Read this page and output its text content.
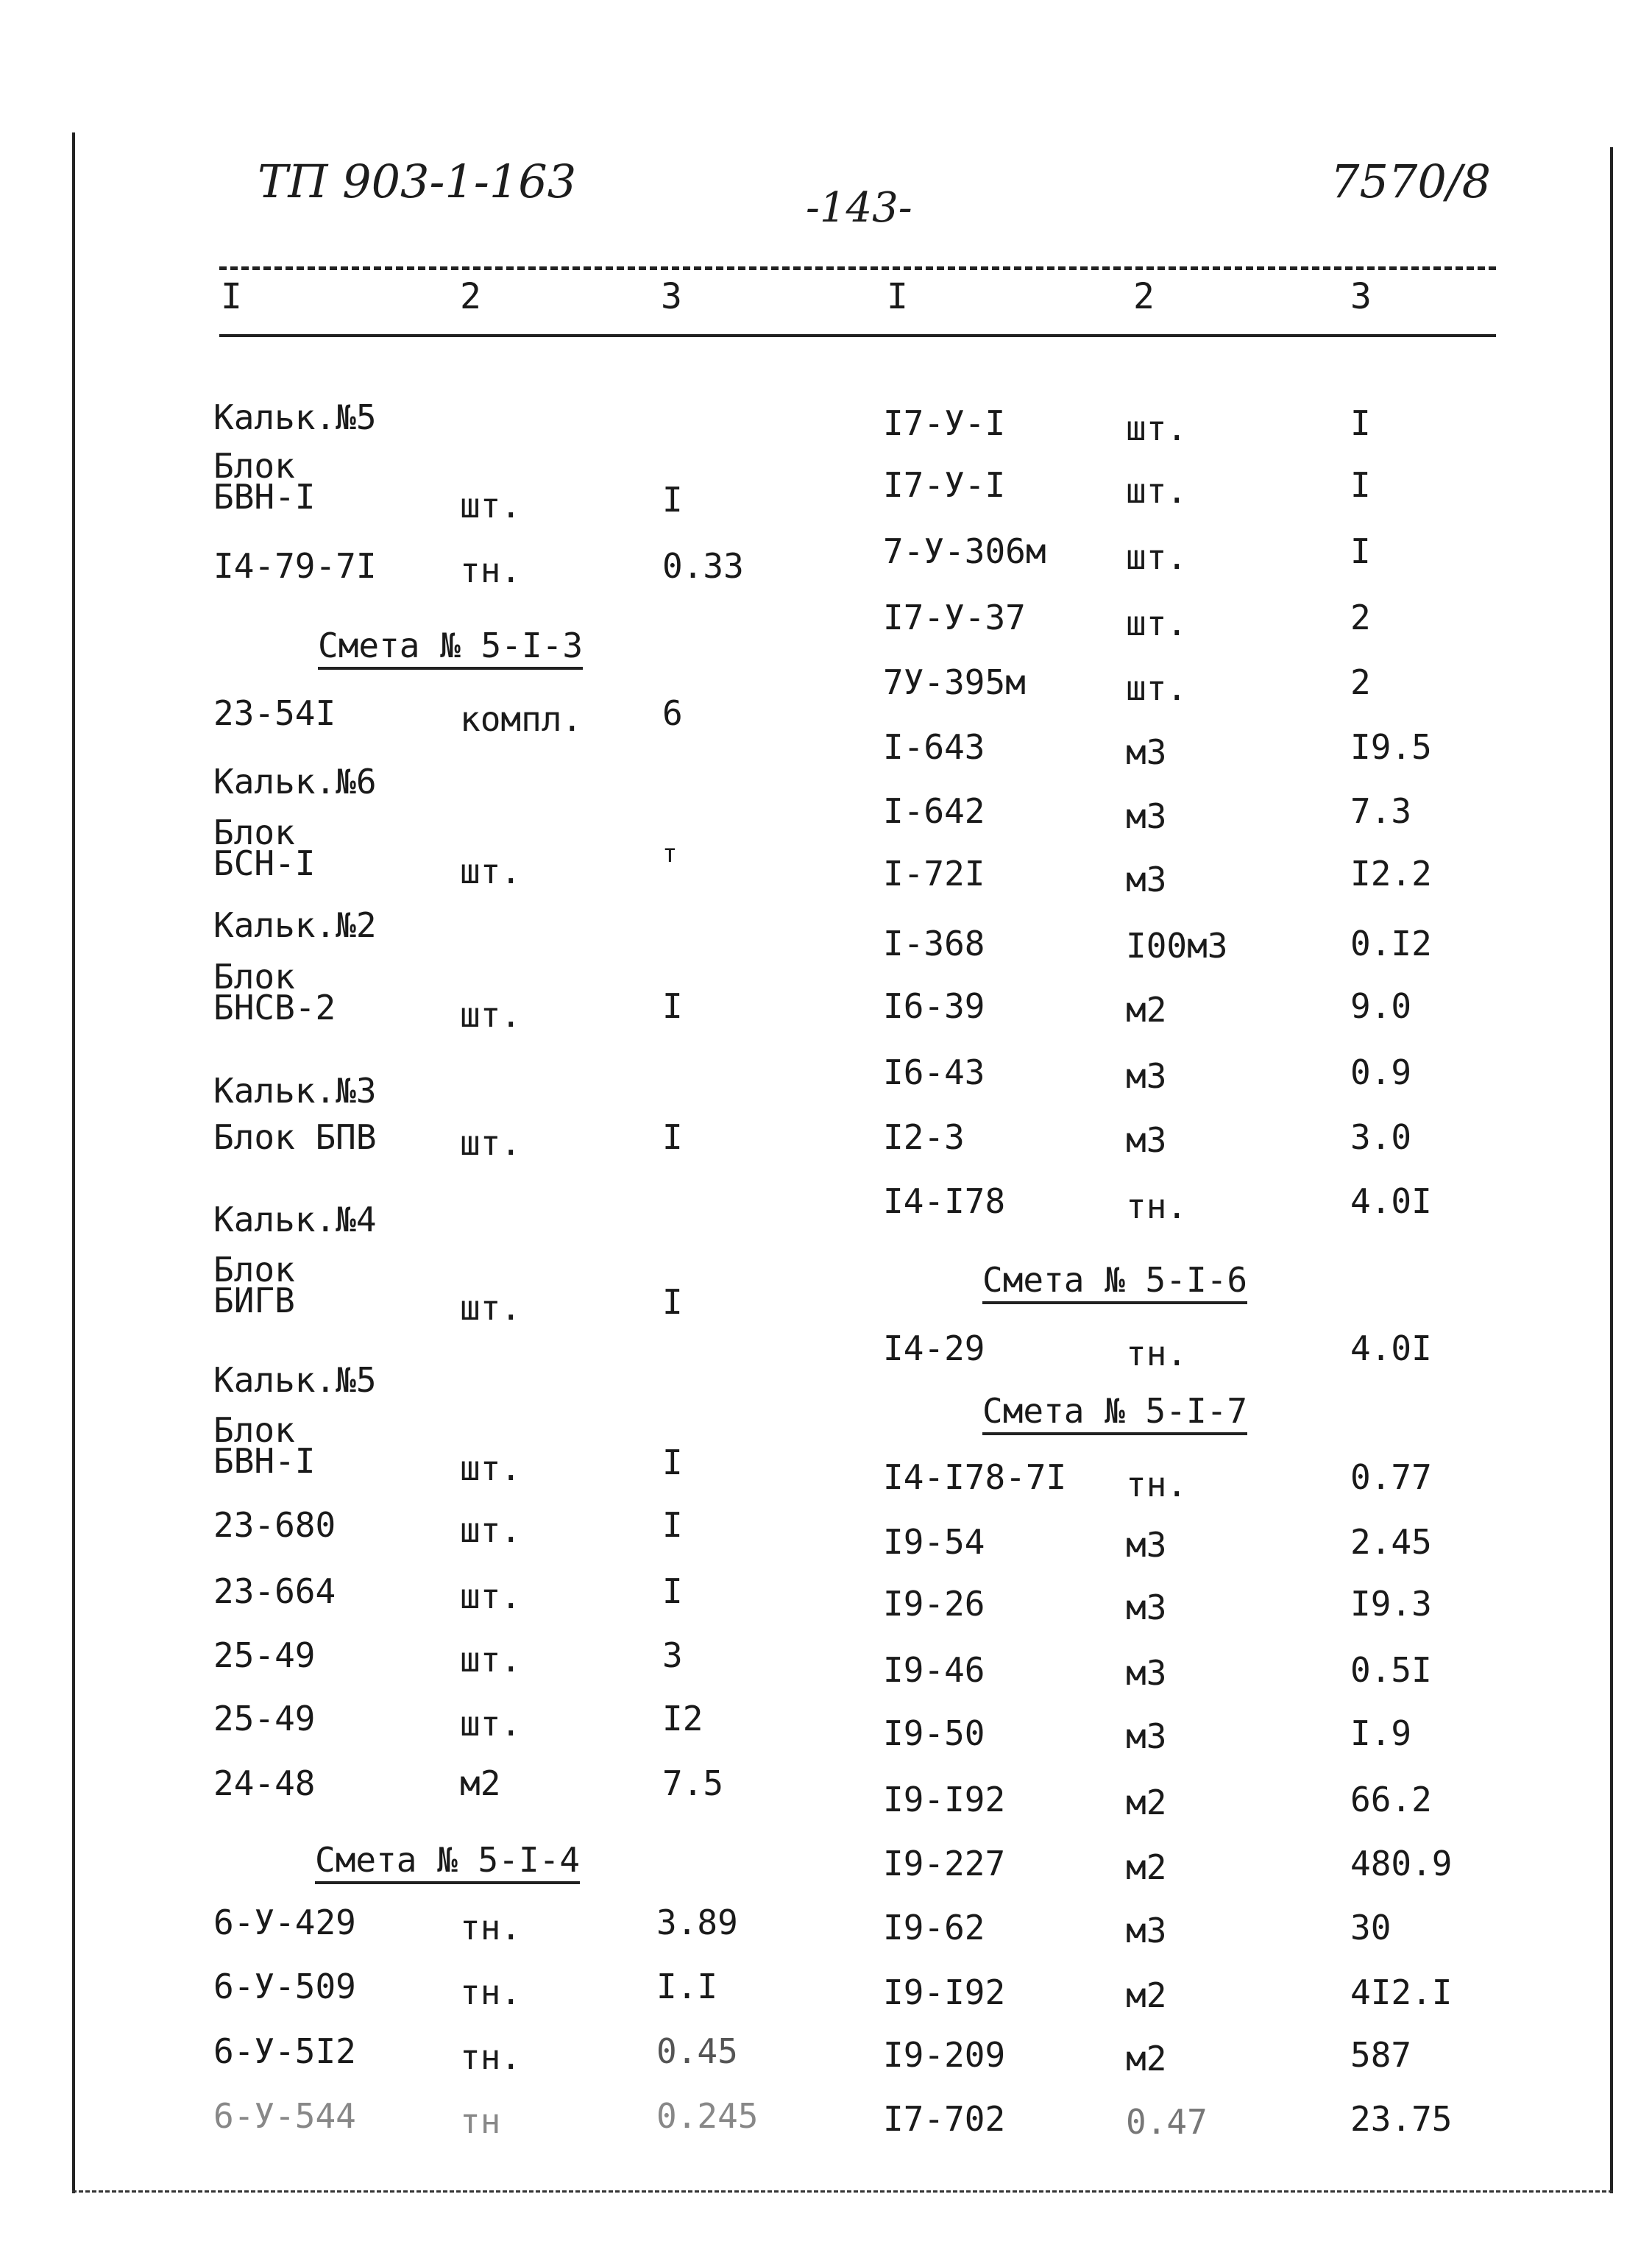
ТП 903-1-163	-143-	7570/8
I	2	3	I	2	3
Кальк.№5
Блок
БВН-I	шт.	I
I4-79-7I тн.	0.33
Смета № 5-I-3
23-54I	компл. 6
Кальк.№6
Блок
БСН-I	шт.	т
Кальк.№2
Блок
БНСВ-2	шт.	I
Кальк.№3
Блок БПВ шт.	I
Кальк.№4
Блок
БИГВ	шт.	I
Кальк.№5
Блок
БВН-I	шт.	I
23-680	шт.	I
23-664	шт.	I
25-49	шт.	3
25-49	шт.	I2
24-48	м2	7.5
Смета № 5-I-4
6-У-429	тн.	3.89
6-У-509	тн.	I.I
6-У-5I2	тн.	0.45
6-У-544	тн	0.245
I7-У-I	шт.	I
I7-У-I	шт.	I
7-У-306м шт.	I
I7-У-37	шт.	2
7У-395м	шт.	2
I-643	м3	I9.5
I-642	м3	7.3
I-72I	м3	I2.2
I-368	I00м3	0.I2
I6-39	м2	9.0
I6-43	м3	0.9
I2-3	м3	3.0
I4-I78	тн.	4.0I
Смета № 5-I-6
I4-29	тн.	4.0I
Смета № 5-I-7
I4-I78-7I тн.	0.77
I9-54	м3	2.45
I9-26	м3	I9.3
I9-46	м3	0.5I
I9-50	м3	I.9
I9-I92	м2	66.2
I9-227	м2	480.9
I9-62	м3	30
I9-I92	м2	4I2.I
I9-209	м2	587
I7-702	0.47	23.75
